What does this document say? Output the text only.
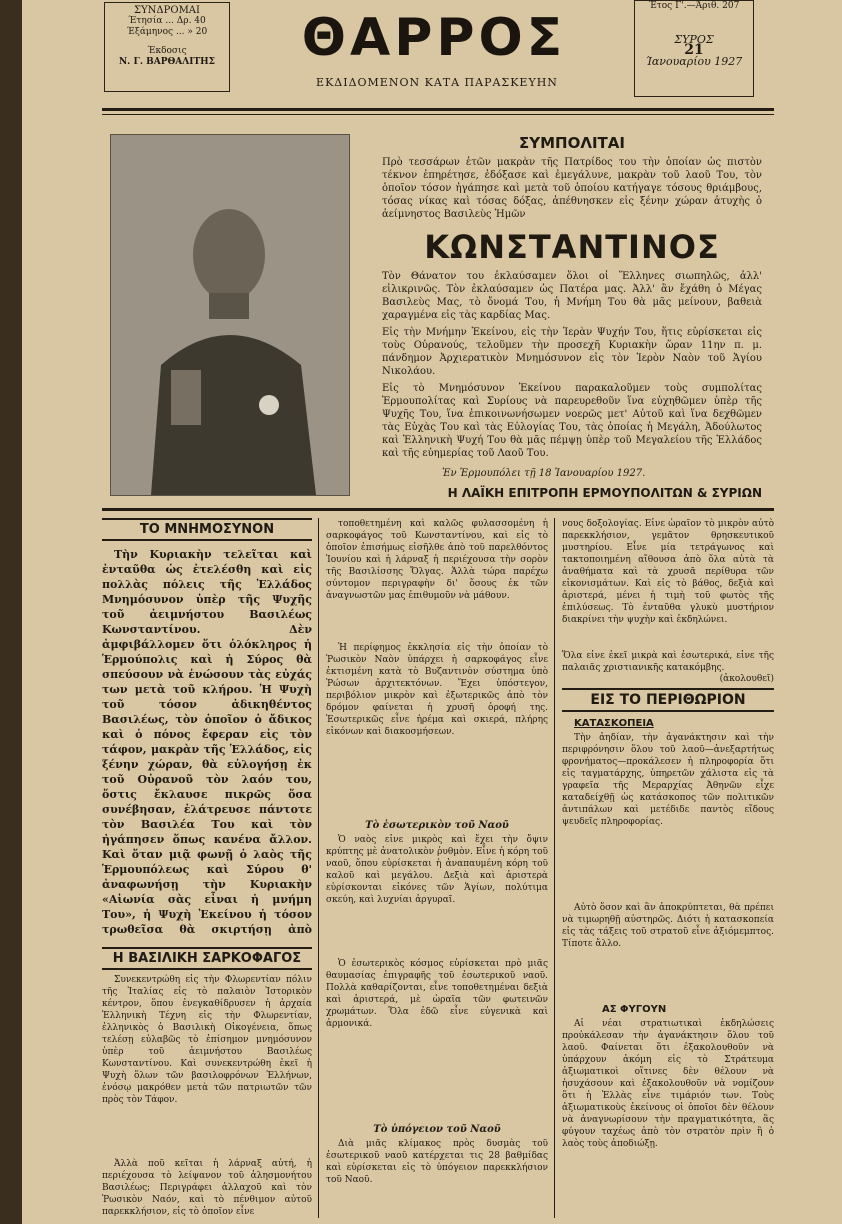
ΣΥΝΔΡΟΜΑΙ
Έτησία ... Δρ. 40
Έξάμηνος ... » 20
Έκδοσις
Ν. Γ. ΒΑΡΘΑΛΙΤΗΣ	ΘΑΡΡΟΣ
ΕΚΔΙΔΟΜΕΝΟΝ ΚΑΤΑ ΠΑΡΑΣΚΕΥΗΝ
Έτος Γ'.—Άριθ. 207
ΣΥΡΟΣ
21
Ίανουαρίου 1927
ΣΥΜΠΟΛΙΤΑΙ
Πρὸ τεσσάρων ἐτῶν μακρὰν τῆς Πατρίδος του τὴν ὁποίαν ὡς πιστὸν τέκνον ἐπηρέτησε, ἐδόξασε καὶ ἐμεγάλυνε, μακρὰν τοῦ λαοῦ Του, τὸν ὁποῖον τόσον ἠγάπησε καὶ μετὰ τοῦ ὁποίου κατήγαγε τόσους θριάμβους, τόσας νίκας καὶ τόσας δόξας, ἀπέθνησκεν εἰς ξένην χώραν ἀτυχὴς ὁ ἀείμνηστος Βασιλεὺς Ἡμῶν
ΚΩΝΣΤΑΝΤΙΝΟΣ
Τὸν Θάνατον του ἐκλαύσαμεν ὅλοι οἱ Ἕλληνες σιωπηλῶς, ἀλλ' εἰλικρινῶς. Τὸν ἐκλαύσαμεν ὡς Πατέρα μας. Ἀλλ' ἂν ἔχάθη ὁ Μέγας Βασιλεὺς Μας, τὸ ὄνομά Του, ἡ Μνήμη Του θὰ μᾶς μείνουν, βαθειὰ χαραγμένα εἰς τὰς καρδίας Μας.
Εἰς τὴν Μνήμην Ἐκείνου, εἰς τὴν Ἱερὰν Ψυχήν Του, ἥτις εὑρίσκεται εἰς τοὺς Οὐρανούς, τελοῦμεν τὴν προσεχῆ Κυριακὴν ὥραν 11ην π. μ. πάνδημον Ἀρχιερατικὸν Μνημόσυνον εἰς τὸν Ἱερὸν Ναὸν τοῦ Ἁγίου Νικολάου.
Εἰς τὸ Μνημόσυνον Ἐκείνου παρακαλοῦμεν τοὺς συμπολίτας Ἑρμουπολίτας καὶ Συρίους νὰ παρευρεθοῦν ἵνα εὐχηθῶμεν ὑπὲρ τῆς Ψυχῆς Του, ἵνα ἐπικοινωνήσωμεν νοερῶς μετ' Αὐτοῦ καὶ ἵνα δεχθῶμεν τὰς Εὐχὰς Του καὶ τὰς Εὐλογίας Του, τὰς ὁποίας ἡ Μεγάλη, Ἀδούλωτος καὶ Ἑλληνικὴ Ψυχή Του θὰ μᾶς πέμψῃ ὑπὲρ τοῦ Μεγαλείου τῆς Ἑλλάδος καὶ τῆς εὐημερίας τοῦ Λαοῦ Του.
Ἐν Ἑρμουπόλει τῇ 18 Ἰανουαρίου 1927.
Η ΛΑΪΚΗ ΕΠΙΤΡΟΠΗ ΕΡΜΟΥΠΟΛΙΤΩΝ & ΣΥΡΙΩΝ
ΤΟ ΜΝΗΜΟΣΥΝΟΝ
Τὴν Κυριακὴν τελεῖται καὶ ἐνταῦθα ὡς ἐτελέσθη καὶ εἰς πολλὰς πόλεις τῆς Ἑλλάδος Μνημόσυνον ὑπὲρ τῆς Ψυχῆς τοῦ ἀειμνήστου Βασιλέως Κωνσταντίνου. Δὲν ἀμφιβάλλομεν ὅτι ὁλόκληρος ἡ Ἑρμούπολις καὶ ἡ Σύρος θὰ σπεύσουν νὰ ἑνώσουν τὰς εὐχάς των μετὰ τοῦ κλήρου. Ἡ Ψυχὴ τοῦ τόσον ἀδικηθέντος Βασιλέως, τὸν ὁποῖον ὁ ἄδικος καὶ ὁ πόνος ἔφεραν εἰς τὸν τάφον, μακρὰν τῆς Ἑλλάδος, εἰς ξένην χώραν, θὰ εὐλογήσῃ ἐκ τοῦ Οὐρανοῦ τὸν λαόν του, ὅστις ἔκλαυσε πικρῶς ὅσα συνέβησαν, ἐλάτρευσε πάντοτε τὸν Βασιλέα Του καὶ τὸν ἠγάπησεν ὅπως κανένα ἄλλον. Καὶ ὅταν μιᾷ φωνῇ ὁ λαὸς τῆς Ἑρμουπόλεως καὶ Σύρου θ' ἀναφωνήσῃ τὴν Κυριακὴν «Αἰωνία σὰς εἶναι ἡ μνήμη Του», ἡ Ψυχὴ Ἐκείνου ἡ τόσον τρωθεῖσα θὰ σκιρτήσῃ ἀπὸ
Η ΒΑΣΙΛΙΚΗ ΣΑΡΚΟΦΑΓΟΣ
Συνεκεντρώθη εἰς τὴν Φλωρεντίαν πόλιν τῆς Ἰταλίας εἰς τὸ παλαιὸν Ἱστορικὸν κέντρον, ὅπου ἐνεγκαθίδρυσεν ἡ ἀρχαία Ἑλληνικὴ Τέχνη εἰς τὴν Φλωρεντίαν, ἐλληνικὸς ὁ Βασιλικὴ Οἰκογένεια, ὅπως τελέσῃ εὐλαβῶς τὸ ἐπίσημον μνημόσυνον ὑπὲρ τοῦ ἀειμνήστου Βασιλέως Κωνσταντίνου. Καὶ συνεκεντρώθη ἐκεῖ ἡ Ψυχὴ ὅλων τῶν βασιλοφρόνων Ἑλλήνων, ἐνόσῳ μακρόθεν μετὰ τῶν πατριωτῶν τῶν πρὸς τὸν Τάφον.
Ἀλλὰ ποῦ κεῖται ἡ λάρναξ αὐτή, ἡ περιέχουσα τὸ λείψανον τοῦ ἀλησμονήτου Βασιλέως; Περιγράφει ἀλλαχοῦ καὶ τὸν Ῥωσικὸν Ναόν, καὶ τὸ πένθιμον αὐτοῦ παρεκκλήσιον, εἰς τὸ ὁποῖον εἶνε
τοποθετημένη καὶ καλῶς φυλασσομένη ἡ σαρκοφάγος τοῦ Κωνσταντίνου, καὶ εἰς τὸ ὁποῖον ἐπισήμως εἰσῆλθε ἀπὸ τοῦ παρελθόντος Ἰουνίου καὶ ἡ λάρναξ ἡ περιέχουσα τὴν σορὸν τῆς Βασιλίσσης Ὄλγας. Ἀλλὰ τώρα παρέχω σύντομον περιγραφὴν δι' ὅσους ἐκ τῶν ἀναγνωστῶν μας ἐπιθυμοῦν νὰ μάθουν.
Ἡ περίφημος ἐκκλησία εἰς τὴν ὁποίαν τὸ Ῥωσικὸν Ναὸν ὑπάρχει ἡ σαρκοφάγος εἶνε ἐκτισμένη κατὰ τὸ Βυζαντινὸν σύστημα ὑπὸ Ῥώσων ἀρχιτεκτόνων. Ἔχει ὑπόστεγον, περιβόλιον μικρὸν καὶ ἐξωτερικῶς ἀπὸ τὸν δρόμον φαίνεται ἡ χρυσῆ ὀροφή της. Ἐσωτερικῶς εἶνε ἡρέμα καὶ σκιερά, πλήρης εἰκόνων καὶ διακοσμήσεων.
Τὸ ἐσωτερικὸν τοῦ Ναοῦ
Ὁ ναὸς εἶνε μικρὸς καὶ ἔχει τὴν ὄψιν κρύπτης μὲ ἀνατολικὸν ῥυθμὸν. Εἶνε ἡ κόρη τοῦ ναοῦ, ὅπου εὑρίσκεται ἡ ἀναπαυμένη κόρη τοῦ καλοῦ καὶ μεγάλου. Δεξιὰ καὶ ἀριστερὰ εὑρίσκονται εἰκόνες τῶν Ἁγίων, πολύτιμα σκεύη, καὶ λυχνίαι ἀργυραῖ.
Ὁ ἐσωτερικὸς κόσμος εὑρίσκεται πρὸ μιᾶς θαυμασίας ἐπιγραφῆς τοῦ ἐσωτερικοῦ ναοῦ. Πολλὰ καθαρίζονται, εἶνε τοποθετημέναι δεξιὰ καὶ ἀριστερά, μὲ ὡραῖα τῶν φωτεινῶν χρωμάτων. Ὅλα ἐδῶ εἶνε εὐγενικὰ καὶ ἀρμονικά.
Τὸ ὑπόγειον τοῦ Ναοῦ
Διὰ μιᾶς κλίμακος πρὸς δυσμὰς τοῦ ἐσωτερικοῦ ναοῦ κατέρχεται τις 28 βαθμίδας καὶ εὑρίσκεται εἰς τὸ ὑπόγειον παρεκκλήσιον τοῦ Ναοῦ.
νους δοξολογίας. Εἶνε ὡραῖον τὸ μικρὸν αὐτὸ παρεκκλήσιον, γεμᾶτον θρησκευτικοῦ μυστηρίου. Εἶνε μία τετράγωνος καὶ τακτοποιημένη αἴθουσα ἀπὸ ὅλα αὐτὰ τὰ ἀναθήματα καὶ τὰ χρυσᾶ περίθυρα τῶν εἰκονισμάτων. Καὶ εἰς τὸ βάθος, δεξιὰ καὶ ἀριστερά, μένει ἡ τιμὴ τοῦ φωτὸς τῆς ἐπιλύσεως. Τὸ ἐνταῦθα γλυκὺ μυστήριον διακρίνει τὴν ψυχὴν καὶ ἐκδηλώνει.
Ὅλα εἶνε ἐκεῖ μικρὰ καὶ ἐσωτερικά, εἶνε τῆς παλαιᾶς χριστιανικῆς κατακόμβης.
(ἀκολουθεῖ)
ΕΙΣ ΤΟ ΠΕΡΙΘΩΡΙΟΝ
ΚΑΤΑΣΚΟΠΕΙΑ
Τὴν ἀηδίαν, τὴν ἀγανάκτησιν καὶ τὴν περιφρόνησιν ὅλου τοῦ λαοῦ—ἀνεξαρτήτως φρονήματος—προκάλεσεν ἡ πληροφορία ὅτι εἰς ταγματάρχης, ὑπηρετῶν χάλιστα εἰς τὰ γραφεῖα τῆς Μεραρχίας Ἀθηνῶν εἶχε καταδείχθῇ ὡς κατάσκοπος τῶν πολιτικῶν ἀντιπάλων καὶ μετέδιδε παντὸς εἴδους ψευδεῖς πληροφορίας.
Αὐτὸ ὅσον καὶ ἂν ἀποκρύπτεται, θὰ πρέπει νὰ τιμωρηθῇ αὐστηρῶς. Διότι ἡ κατασκοπεία εἰς τὰς τάξεις τοῦ στρατοῦ εἶνε ἀξιόμεμπτος. Τίποτε ἄλλο.
ΑΣ ΦΥΓΟΥΝ
Αἱ νέαι στρατιωτικαὶ ἐκδηλώσεις προὐκάλεσαν τὴν ἀγανάκτησιν ὅλου τοῦ λαοῦ. Φαίνεται ὅτι ἐξακολουθοῦν νὰ ὑπάρχουν ἀκόμη εἰς τὸ Στράτευμα ἀξιωματικοὶ οἵτινες δὲν θέλουν νὰ ἡσυχάσουν καὶ ἐξακολουθοῦν νὰ νομίζουν ὅτι ἡ Ἑλλὰς εἶνε τιμάριόν των. Τοὺς ἀξιωματικοὺς ἐκείνους οἱ ὁποῖοι δὲν θέλουν νὰ ἀναγνωρίσουν τὴν πραγματικότητα, ἂς φύγουν ταχέως ἀπὸ τὸν στρατὸν πρὶν ἢ ὁ λαὸς τοὺς ἀποδιώξῃ.
